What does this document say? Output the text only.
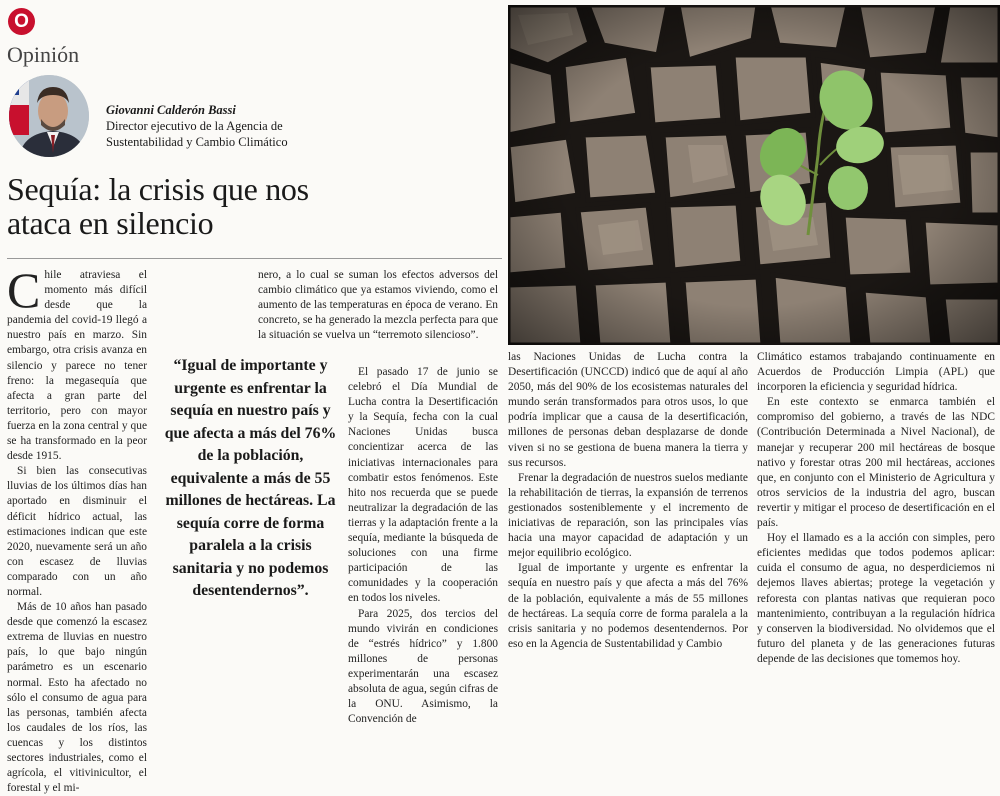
O
Opinión
Giovanni Calderón Bassi
Director ejecutivo de la Agencia de
Sustentabilidad y Cambio Climático
Sequía: la crisis que nos ataca en silencio

Chile atraviesa el momento más difícil desde que la pandemia del covid-19 llegó a nuestro país en marzo. Sin embargo, otra crisis avanza en silencio y parece no tener freno: la megasequía que afecta a gran parte del territorio, pero con mayor fuerza en la zona central y que se ha transformado en la peor desde 1915.

Si bien las consecutivas lluvias de los últimos días han aportado en disminuir el déficit hídrico actual, las estimaciones indican que este 2020, nuevamente será un año con escasez de lluvias comparado con un año normal.

Más de 10 años han pasado desde que comenzó la escasez extrema de lluvias en nuestro país, lo que bajo ningún parámetro es un escenario normal. Esto ha afectado no sólo el consumo de agua para las personas, también afecta los caudales de los ríos, las cuencas y los distintos sectores industriales, como el agrícola, el vitivinicultor, el forestal y el mi-

nero, a lo cual se suman los efectos adversos del cambio climático que ya estamos viviendo, como el aumento de las temperaturas en época de verano. En concreto, se ha generado la mezcla perfecta para que la situación se vuelva un “terremoto silencioso”.

El pasado 17 de junio se celebró el Día Mundial de Lucha contra la Desertificación y la Sequía, fecha con la cual Naciones Unidas busca concientizar acerca de las iniciativas internacionales para combatir estos fenómenos. Este hito nos recuerda que se puede neutralizar la degradación de las tierras y la adaptación frente a la sequía, mediante la búsqueda de soluciones con una firme participación de las comunidades y la cooperación en todos los niveles.

Para 2025, dos tercios del mundo vivirán en condiciones de “estrés hídrico” y 1.800 millones de personas experimentarán una escasez absoluta de agua, según cifras de la ONU. Asimismo, la Convención de

“Igual de importante y urgente es enfrentar la sequía en nuestro país y que afecta a más del 76% de la población, equivalente a más de 55 millones de hectáreas. La sequía corre de forma paralela a la crisis sanitaria y no podemos desentendernos”.

las Naciones Unidas de Lucha contra la Desertificación (UNCCD) indicó que de aquí al año 2050, más del 90% de los ecosistemas naturales del mundo serán transformados para otros usos, lo que podría implicar que a causa de la desertificación, millones de personas deban desplazarse de donde viven si no se gestiona de buena manera la tierra y sus recursos.

Frenar la degradación de nuestros suelos mediante la rehabilitación de tierras, la expansión de terrenos gestionados sosteniblemente y el incremento de iniciativas de reparación, son las principales vías hacia una mayor capacidad de adaptación y un mejor equilibrio ecológico.

Igual de importante y urgente es enfrentar la sequía en nuestro país y que afecta a más del 76% de la población, equivalente a más de 55 millones de hectáreas. La sequía corre de forma paralela a la crisis sanitaria y no podemos desentendernos. Por eso en la Agencia de Sustentabilidad y Cambio

Climático estamos trabajando continuamente en Acuerdos de Producción Limpia (APL) que incorporen la eficiencia y seguridad hídrica.

En este contexto se enmarca también el compromiso del gobierno, a través de las NDC (Contribución Determinada a Nivel Nacional), de manejar y recuperar 200 mil hectáreas de bosque nativo y forestar otras 200 mil hectáreas, acciones que, en conjunto con el Ministerio de Agricultura y otros servicios de la industria del agro, buscan revertir y mitigar el proceso de desertificación en el país.

Hoy el llamado es a la acción con simples, pero eficientes medidas que todos podemos aplicar: cuida el consumo de agua, no desperdiciemos ni dejemos llaves abiertas; protege la vegetación y reforesta con plantas nativas que requieran poco mantenimiento, contribuyan a la regulación hídrica y conserven la biodiversidad. No olvidemos que el futuro del planeta y de las generaciones futuras depende de las decisiones que tomemos hoy.
